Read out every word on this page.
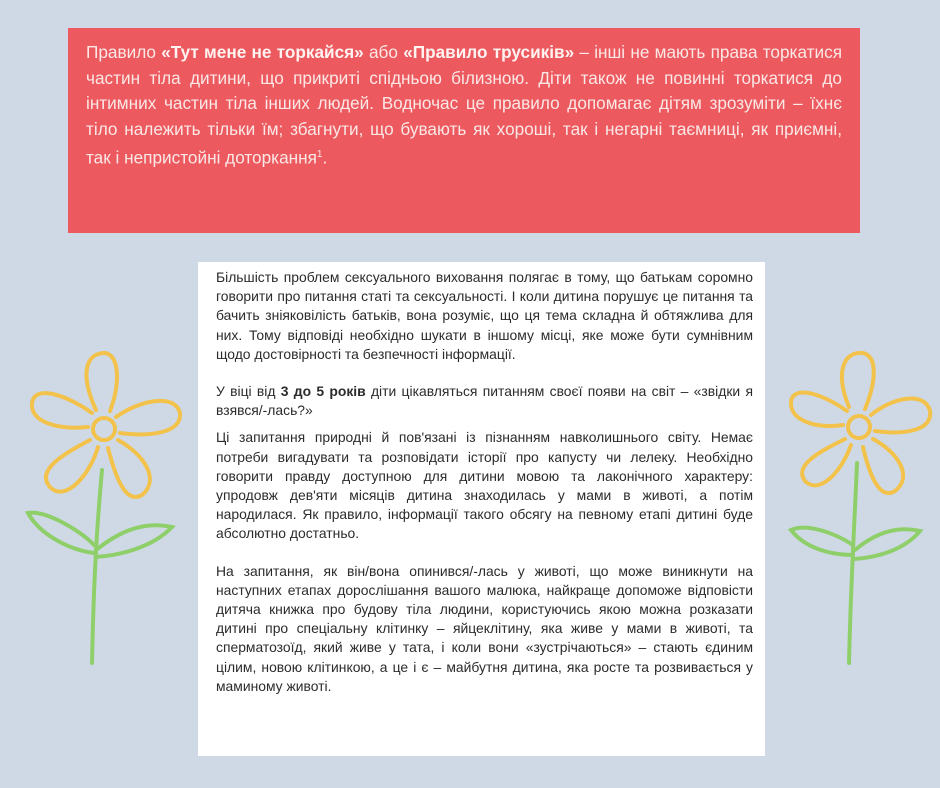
Правило «Тут мене не торкайся» або «Правило трусиків» – інші не мають права торкатися частин тіла дитини, що прикриті спідньою білизною. Діти також не повинні торкатися до інтимних частин тіла інших людей. Водночас це правило допомагає дітям зрозуміти – їхнє тіло належить тільки їм; збагнути, що бувають як хороші, так і негарні таємниці, як приємні, так і непристойні доторкання$^1$.

Більшість проблем сексуального виховання полягає в тому, що батькам соромно говорити про питання статі та сексуальності. І коли дитина порушує це питання та бачить зніяковілість батьків, вона розуміє, що ця тема складна й обтяжлива для них. Тому відповіді необхідно шукати в іншому місці, яке може бути сумнівним щодо достовірності та безпечності інформації.

У віці від 3 до 5 років діти цікавляться питанням своєї появи на світ – «звідки я взявся/-лась?»

Ці запитання природні й пов'язані із пізнанням навколишнього світу. Немає потреби вигадувати та розповідати історії про капусту чи лелеку. Необхідно говорити правду доступною для дитини мовою та лаконічного характеру: упродовж дев'яти місяців дитина знаходилась у мами в животі, а потім народилася. Як правило, інформації такого обсягу на певному етапі дитині буде абсолютно достатньо.

На запитання, як він/вона опинився/-лась у животі, що може виникнути на наступних етапах дорослішання вашого малюка, найкраще допоможе відповісти дитяча книжка про будову тіла людини, користуючись якою можна розказати дитині про спеціальну клітинку – яйцеклітину, яка живе у мами в животі, та сперматозоїд, який живе у тата, і коли вони «зустрічаються» – стають єдиним цілим, новою клітинкою, а це і є – майбутня дитина, яка росте та розвивається у маминому животі.
